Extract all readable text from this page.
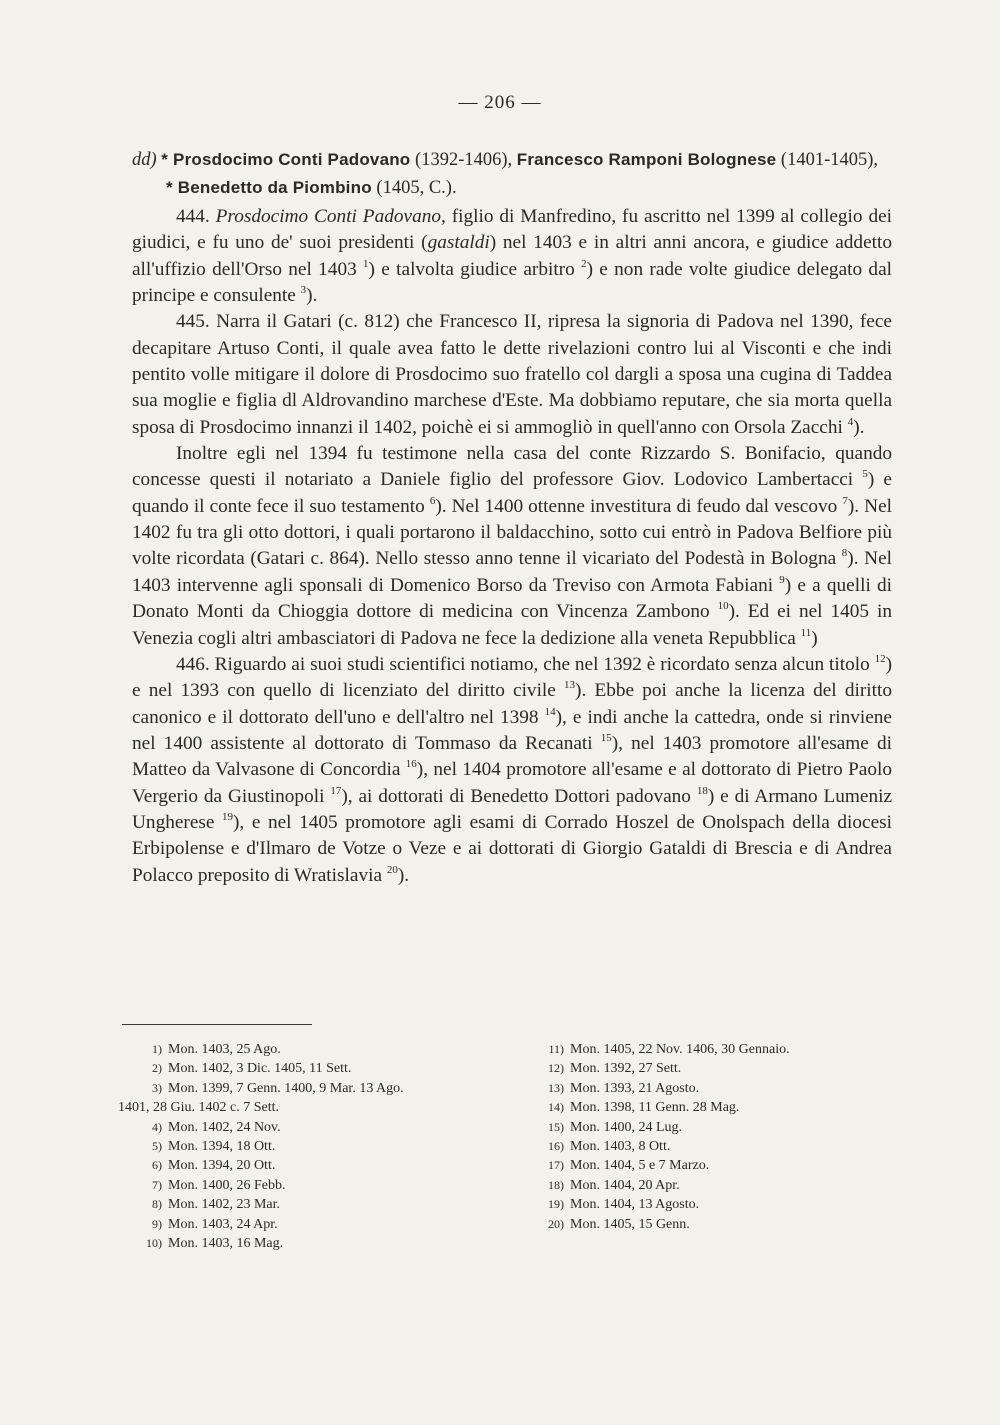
— 206 —
dd) * Prosdocimo Conti Padovano (1392-1406), Francesco Ramponi Bolognese (1401-1405),
* Benedetto da Piombino (1405, C.).

444. Prosdocimo Conti Padovano, figlio di Manfredino, fu ascritto nel 1399 al collegio dei giudici, e fu uno de' suoi presidenti (gastaldi) nel 1403 e in altri anni ancora, e giudice addetto all'uffizio dell'Orso nel 1403 $^1$) e talvolta giudice arbitro $^2$) e non rade volte giudice delegato dal principe e consulente $^3$).

445. Narra il Gatari (c. 812) che Francesco II, ripresa la signoria di Padova nel 1390, fece decapitare Artuso Conti, il quale avea fatto le dette rivelazioni contro lui al Visconti e che indi pentito volle mitigare il dolore di Prosdocimo suo fratello col dargli a sposa una cugina di Taddea sua moglie e figlia dl Aldrovandino marchese d'Este. Ma dobbiamo reputare, che sia morta quella sposa di Prosdocimo innanzi il 1402, poichè ei si ammogliò in quell'anno con Orsola Zacchi $^4$).

Inoltre egli nel 1394 fu testimone nella casa del conte Rizzardo S. Bonifacio, quando concesse questi il notariato a Daniele figlio del professore Giov. Lodovico Lambertacci $^5$) e quando il conte fece il suo testamento $^6$). Nel 1400 ottenne investitura di feudo dal vescovo $^7$). Nel 1402 fu tra gli otto dottori, i quali portarono il baldacchino, sotto cui entrò in Padova Belfiore più volte ricordata (Gatari c. 864). Nello stesso anno tenne il vicariato del Podestà in Bologna $^8$). Nel 1403 intervenne agli sponsali di Domenico Borso da Treviso con Armota Fabiani $^9$) e a quelli di Donato Monti da Chioggia dottore di medicina con Vincenza Zambono $^{10}$). Ed ei nel 1405 in Venezia cogli altri ambasciatori di Padova ne fece la dedizione alla veneta Repubblica $^{11}$)

446. Riguardo ai suoi studi scientifici notiamo, che nel 1392 è ricordato senza alcun titolo $^{12}$) e nel 1393 con quello di licenziato del diritto civile $^{13}$). Ebbe poi anche la licenza del diritto canonico e il dottorato dell'uno e dell'altro nel 1398 $^{14}$), e indi anche la cattedra, onde si rinviene nel 1400 assistente al dottorato di Tommaso da Recanati $^{15}$), nel 1403 promotore all'esame di Matteo da Valvasone di Concordia $^{16}$), nel 1404 promotore all'esame e al dottorato di Pietro Paolo Vergerio da Giustinopoli $^{17}$), ai dottorati di Benedetto Dottori padovano $^{18}$) e di Armano Lumeniz Ungherese $^{19}$), e nel 1405 promotore agli esami di Corrado Hoszel de Onolspach della diocesi Erbipolense e d'Ilmaro de Votze o Veze e ai dottorati di Giorgio Gataldi di Brescia e di Andrea Polacco preposito di Wratislavia $^{20}$).

1) Mon. 1403, 25 Ago.
2) Mon. 1402, 3 Dic. 1405, 11 Sett.
3) Mon. 1399, 7 Genn. 1400, 9 Mar. 13 Ago.
1401, 28 Giu. 1402 c. 7 Sett.
4) Mon. 1402, 24 Nov.
5) Mon. 1394, 18 Ott.
6) Mon. 1394, 20 Ott.
7) Mon. 1400, 26 Febb.
8) Mon. 1402, 23 Mar.
9) Mon. 1403, 24 Apr.
10) Mon. 1403, 16 Mag.
11) Mon. 1405, 22 Nov. 1406, 30 Gennaio.
12) Mon. 1392, 27 Sett.
13) Mon. 1393, 21 Agosto.
14) Mon. 1398, 11 Genn. 28 Mag.
15) Mon. 1400, 24 Lug.
16) Mon. 1403, 8 Ott.
17) Mon. 1404, 5 e 7 Marzo.
18) Mon. 1404, 20 Apr.
19) Mon. 1404, 13 Agosto.
20) Mon. 1405, 15 Genn.
